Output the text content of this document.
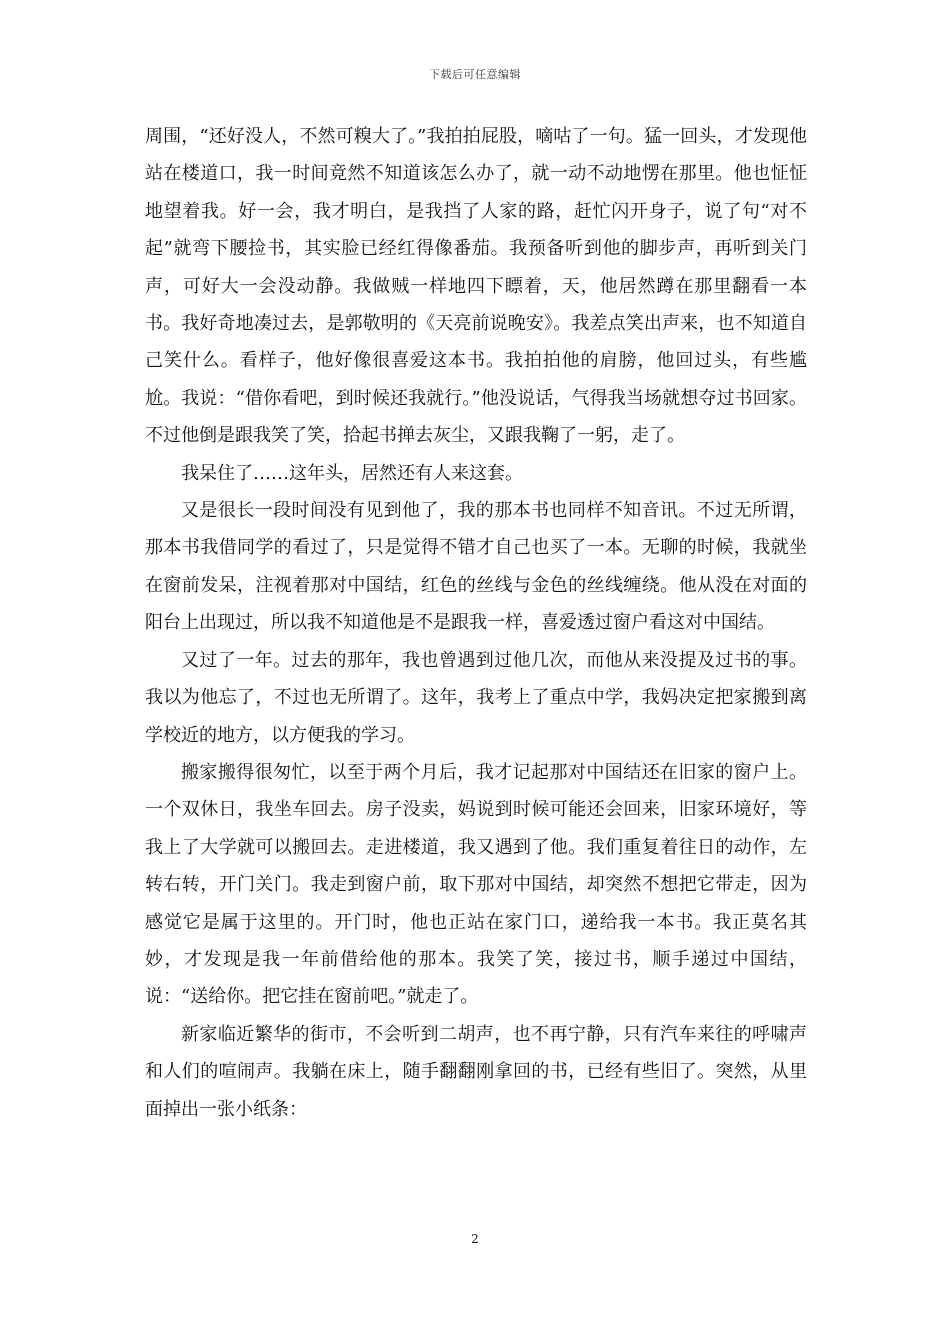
下载后可任意编辑

周围，“还好没人，不然可糗大了。”我拍拍屁股，嘀咕了一句。猛一回头，才发现他站在楼道口，我一时间竟然不知道该怎么办了，就一动不动地愣在那里。他也怔怔地望着我。好一会，我才明白，是我挡了人家的路，赶忙闪开身子，说了句“对不起”就弯下腰捡书，其实脸已经红得像番茄。我预备听到他的脚步声，再听到关门声，可好大一会没动静。我做贼一样地四下瞟着，天，他居然蹲在那里翻看一本书。我好奇地凑过去，是郭敬明的《天亮前说晚安》。我差点笑出声来，也不知道自己笑什么。看样子，他好像很喜爱这本书。我拍拍他的肩膀，他回过头，有些尴尬。我说：“借你看吧，到时候还我就行。”他没说话，气得我当场就想夺过书回家。不过他倒是跟我笑了笑，拾起书掸去灰尘，又跟我鞠了一躬，走了。

我呆住了……这年头，居然还有人来这套。

又是很长一段时间没有见到他了，我的那本书也同样不知音讯。不过无所谓，那本书我借同学的看过了，只是觉得不错才自己也买了一本。无聊的时候，我就坐在窗前发呆，注视着那对中国结，红色的丝线与金色的丝线缠绕。他从没在对面的阳台上出现过，所以我不知道他是不是跟我一样，喜爱透过窗户看这对中国结。

又过了一年。过去的那年，我也曾遇到过他几次，而他从来没提及过书的事。我以为他忘了，不过也无所谓了。这年，我考上了重点中学，我妈决定把家搬到离学校近的地方，以方便我的学习。

搬家搬得很匆忙，以至于两个月后，我才记起那对中国结还在旧家的窗户上。一个双休日，我坐车回去。房子没卖，妈说到时候可能还会回来，旧家环境好，等我上了大学就可以搬回去。走进楼道，我又遇到了他。我们重复着往日的动作，左转右转，开门关门。我走到窗户前，取下那对中国结，却突然不想把它带走，因为感觉它是属于这里的。开门时，他也正站在家门口，递给我一本书。我正莫名其妙，才发现是我一年前借给他的那本。我笑了笑，接过书，顺手递过中国结，说：“送给你。把它挂在窗前吧。”就走了。

新家临近繁华的街市，不会听到二胡声，也不再宁静，只有汽车来往的呼啸声和人们的喧闹声。我躺在床上，随手翻翻刚拿回的书，已经有些旧了。突然，从里面掉出一张小纸条：

2
